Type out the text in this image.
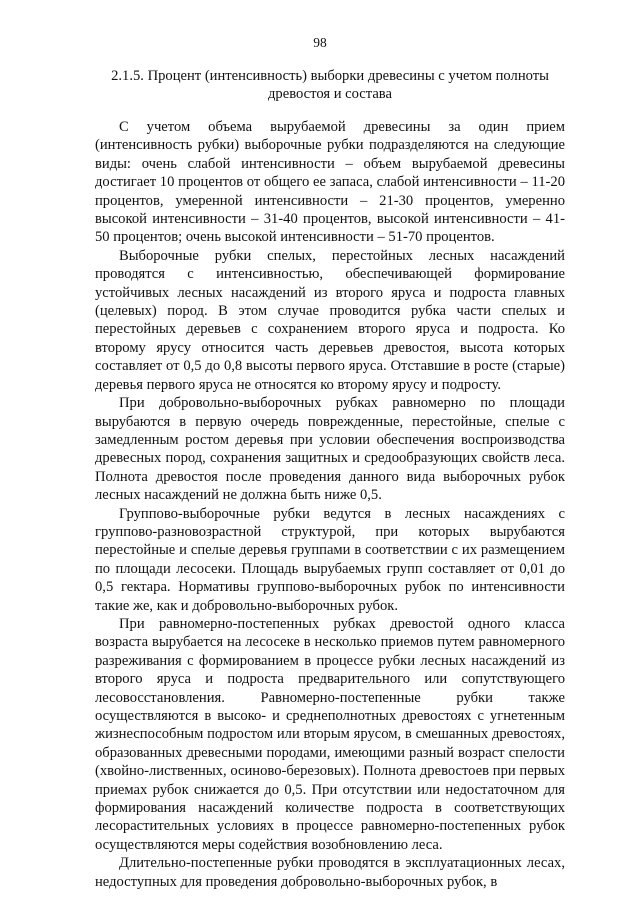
98
2.1.5. Процент (интенсивность) выборки древесины с учетом полноты
древостоя и состава

С учетом объема вырубаемой древесины за один прием (интенсивность рубки) выборочные рубки подразделяются на следующие виды: очень слабой интенсивности – объем вырубаемой древесины достигает 10 процентов от общего ее запаса, слабой интенсивности – 11-20 процентов, умеренной интенсивности – 21-30 процентов, умеренно высокой интенсивности – 31-40 процентов, высокой интенсивности – 41-50 процентов; очень высокой интенсивности – 51-70 процентов.

Выборочные рубки спелых, перестойных лесных насаждений проводятся с интенсивностью, обеспечивающей формирование устойчивых лесных насаждений из второго яруса и подроста главных (целевых) пород. В этом случае проводится рубка части спелых и перестойных деревьев с сохранением второго яруса и подроста. Ко второму ярусу относится часть деревьев древостоя, высота которых составляет от 0,5 до 0,8 высоты первого яруса. Отставшие в росте (старые) деревья первого яруса не относятся ко второму ярусу и подросту.

При добровольно-выборочных рубках равномерно по площади вырубаются в первую очередь поврежденные, перестойные, спелые с замедленным ростом деревья при условии обеспечения воспроизводства древесных пород, сохранения защитных и средообразующих свойств леса. Полнота древостоя после проведения данного вида выборочных рубок лесных насаждений не должна быть ниже 0,5.

Группово-выборочные рубки ведутся в лесных насаждениях с группово-разновозрастной структурой, при которых вырубаются перестойные и спелые деревья группами в соответствии с их размещением по площади лесосеки. Площадь вырубаемых групп составляет от 0,01 до 0,5 гектара. Нормативы группово-выборочных рубок по интенсивности такие же, как и добровольно-выборочных рубок.

При равномерно-постепенных рубках древостой одного класса возраста вырубается на лесосеке в несколько приемов путем равномерного разреживания с формированием в процессе рубки лесных насаждений из второго яруса и подроста предварительного или сопутствующего лесовосстановления. Равномерно-постепенные рубки также осуществляются в высоко- и среднеполнотных древостоях с угнетенным жизнеспособным подростом или вторым ярусом, в смешанных древостоях, образованных древесными породами, имеющими разный возраст спелости (хвойно-лиственных, осиново-березовых). Полнота древостоев при первых приемах рубок снижается до 0,5. При отсутствии или недостаточном для формирования насаждений количестве подроста в соответствующих лесорастительных условиях в процессе равномерно-постепенных рубок осуществляются меры содействия возобновлению леса.

Длительно-постепенные рубки проводятся в эксплуатационных лесах, недоступных для проведения добровольно-выборочных рубок, в
